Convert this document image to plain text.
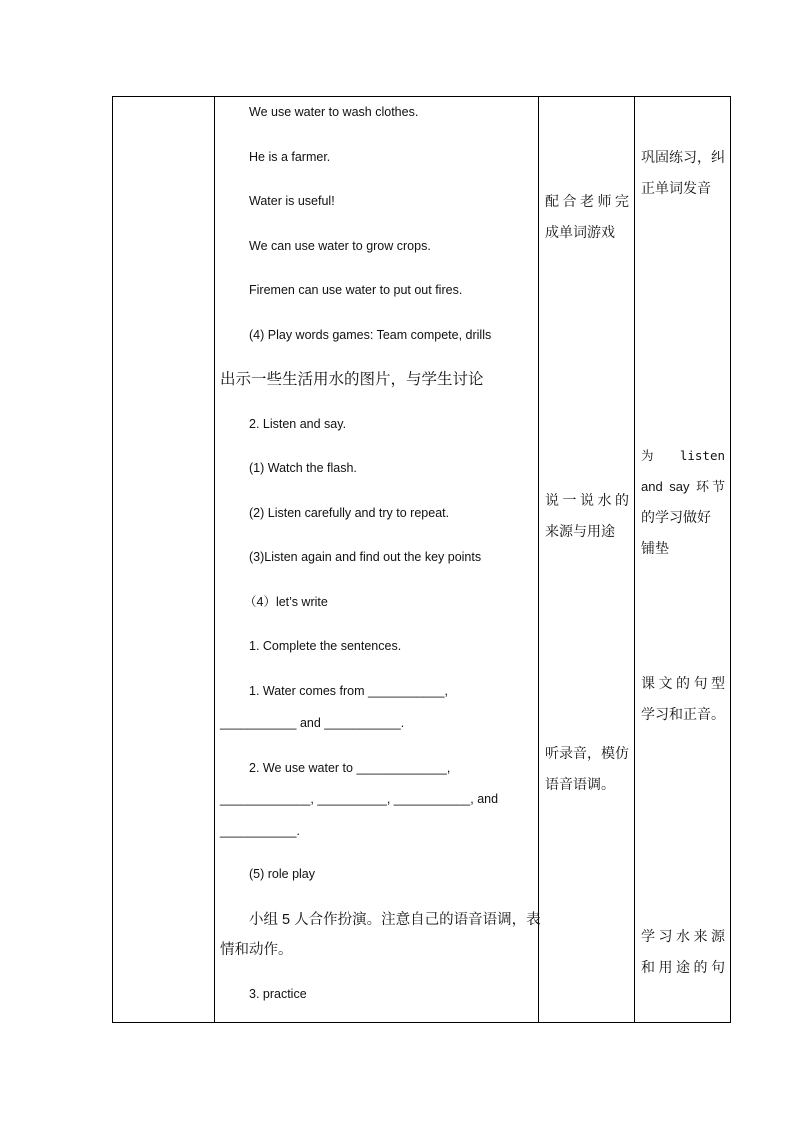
We use water to wash clothes.
He is a farmer.
Water is useful!
We can use water to grow crops.
Firemen can use water to put out fires.
(4) Play words games: Team compete, drills
出示一些生活用水的图片，与学生讨论
2. Listen and say.
(1) Watch the flash.
(2) Listen carefully and try to repeat.
(3)Listen again and find out the key points
（4）let’s write
1. Complete the sentences.
1. Water comes from ___________,
___________ and ___________.
2. We use water to _____________,
_____________, __________, ___________, and
___________.
(5) role play
小组 5 人合作扮演。注意自己的语音语调，表
情和动作。
3. practice
配合老师完
成单词游戏
说一说水的
来源与用途
听录音，模仿
语音语调。
巩固练习，纠
正单词发音
为 listen
and say 环节
的学习做好
铺垫
课文的句型
学习和正音。
学习水来源
和用途的句
